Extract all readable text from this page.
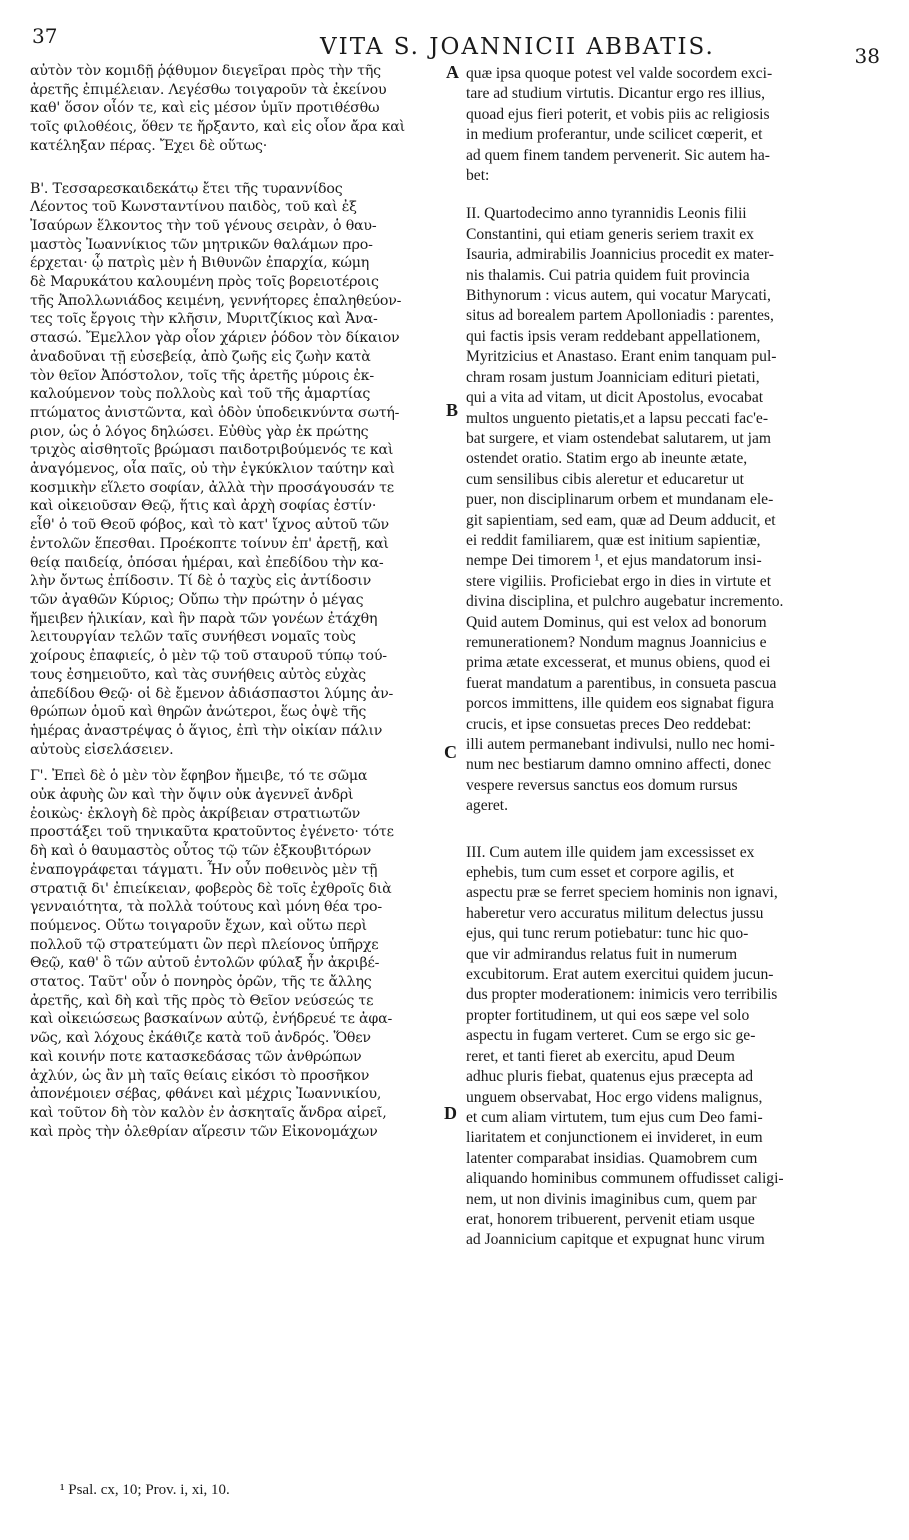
37	VITA S. JOANNICII ABBATIS.	38
αὐτὸν τὸν κομιδῇ ῥᾴθυμον διεγεῖραι πρὸς τὴν τῆς
ἀρετῆς ἐπιμέλειαν. Λεγέσθω τοιγαροῦν τὰ ἐκείνου
καθ' ὅσον οἷόν τε, καὶ εἰς μέσον ὑμῖν προτιθέσθω
τοῖς φιλοθέοις, ὅθεν τε ἤρξαντο, καὶ εἰς οἷον ἄρα καὶ
κατέληξαν πέρας. Ἔχει δὲ οὕτως·
Β'. Τεσσαρεσκαιδεκάτῳ ἔτει τῆς τυραννίδος
Λέοντος τοῦ Κωνσταντίνου παιδὸς, τοῦ καὶ ἐξ
Ἰσαύρων ἕλκοντος τὴν τοῦ γένους σειρὰν, ὁ θαυ-
μαστὸς Ἰωαννίκιος τῶν μητρικῶν θαλάμων προ-
έρχεται· ᾧ πατρὶς μὲν ἡ Βιθυνῶν ἐπαρχία, κώμη
δὲ Μαρυκάτου καλουμένη πρὸς τοῖς βορειοτέροις
τῆς Ἀπολλωνιάδος κειμένη, γεννήτορες ἐπαληθεύον-
τες τοῖς ἔργοις τὴν κλῆσιν, Μυριτζίκιος καὶ Ἀνα-
στασώ. Ἔμελλον γὰρ οἷον χάριεν ῥόδον τὸν δίκαιον
ἀναδοῦναι τῇ εὐσεβείᾳ, ἀπὸ ζωῆς εἰς ζωὴν κατὰ
τὸν θεῖον Ἀπόστολον, τοῖς τῆς ἀρετῆς μύροις ἐκ-
καλούμενον τοὺς πολλοὺς καὶ τοῦ τῆς ἁμαρτίας
πτώματος ἀνιστῶντα, καὶ ὁδὸν ὑποδεικνύντα σωτή-
ριον, ὡς ὁ λόγος δηλώσει. Εὐθὺς γὰρ ἐκ πρώτης
τριχὸς αἰσθητοῖς βρώμασι παιδοτριβούμενός τε καὶ
ἀναγόμενος, οἷα παῖς, οὐ τὴν ἐγκύκλιον ταύτην καὶ
κοσμικὴν εἵλετο σοφίαν, ἀλλὰ τὴν προσάγουσάν τε
καὶ οἰκειοῦσαν Θεῷ, ἥτις καὶ ἀρχὴ σοφίας ἐστίν·
εἶθ' ὁ τοῦ Θεοῦ φόβος, καὶ τὸ κατ' ἴχνος αὐτοῦ τῶν
ἐντολῶν ἕπεσθαι. Προέκοπτε τοίνυν ἐπ' ἀρετῇ, καὶ
θείᾳ παιδείᾳ, ὁπόσαι ἡμέραι, καὶ ἐπεδίδου τὴν κα-
λὴν ὄντως ἐπίδοσιν. Τί δὲ ὁ ταχὺς εἰς ἀντίδοσιν
τῶν ἀγαθῶν Κύριος; Οὔπω τὴν πρώτην ὁ μέγας
ἤμειβεν ἡλικίαν, καὶ ἣν παρὰ τῶν γονέων ἐτάχθη
λειτουργίαν τελῶν ταῖς συνήθεσι νομαῖς τοὺς
χοίρους ἐπαφιείς, ὁ μὲν τῷ τοῦ σταυροῦ τύπῳ τού-
τους ἐσημειοῦτο, καὶ τὰς συνήθεις αὐτὸς εὐχὰς
ἀπεδίδου Θεῷ· οἱ δὲ ἔμενον ἀδιάσπαστοι λύμης ἀν-
θρώπων ὁμοῦ καὶ θηρῶν ἀνώτεροι, ἕως ὀψὲ τῆς
ἡμέρας ἀναστρέψας ὁ ἅγιος, ἐπὶ τὴν οἰκίαν πάλιν
αὐτοὺς εἰσελάσειεν.
Γ'. Ἐπεὶ δὲ ὁ μὲν τὸν ἔφηβον ἤμειβε, τό τε σῶμα
οὐκ ἀφυὴς ὢν καὶ τὴν ὄψιν οὐκ ἀγεννεῖ ἀνδρὶ
ἐοικὼς· ἐκλογὴ δὲ πρὸς ἀκρίβειαν στρατιωτῶν
προστάξει τοῦ τηνικαῦτα κρατοῦντος ἐγένετο· τότε
δὴ καὶ ὁ θαυμαστὸς οὗτος τῷ τῶν ἐξκουβιτόρων
ἐναπογράφεται τάγματι. Ἦν οὖν ποθεινὸς μὲν τῇ
στρατιᾷ δι' ἐπιείκειαν, φοβερὸς δὲ τοῖς ἐχθροῖς διὰ
γενναιότητα, τὰ πολλὰ τούτους καὶ μόνη θέα τρο-
πούμενος. Οὕτω τοιγαροῦν ἔχων, καὶ οὕτω περὶ
πολλοῦ τῷ στρατεύματι ὢν περὶ πλείονος ὑπῆρχε
Θεῷ, καθ' ὃ τῶν αὐτοῦ ἐντολῶν φύλαξ ἦν ἀκριβέ-
στατος. Ταῦτ' οὖν ὁ πονηρὸς ὁρῶν, τῆς τε ἄλλης
ἀρετῆς, καὶ δὴ καὶ τῆς πρὸς τὸ Θεῖον νεύσεώς τε
καὶ οἰκειώσεως βασκαίνων αὐτῷ, ἐνήδρευέ τε ἀφα-
νῶς, καὶ λόχους ἐκάθιζε κατὰ τοῦ ἀνδρός. Ὅθεν
καὶ κοινήν ποτε κατασκεδάσας τῶν ἀνθρώπων
ἀχλύν, ὡς ἂν μὴ ταῖς θείαις εἰκόσι τὸ προσῆκον
ἀπονέμοιεν σέβας, φθάνει καὶ μέχρις Ἰωαννικίου,
καὶ τοῦτον δὴ τὸν καλὸν ἐν ἀσκηταῖς ἄνδρα αἱρεῖ,
καὶ πρὸς τὴν ὀλεθρίαν αἵρεσιν τῶν Εἰκονομάχων
quæ ipsa quoque potest vel valde socordem exci-
tare ad studium virtutis. Dicantur ergo res illius,
quoad ejus fieri poterit, et vobis piis ac religiosis
in medium proferantur, unde scilicet cœperit, et
ad quem finem tandem pervenerit. Sic autem ha-
bet:
II. Quartodecimo anno tyrannidis Leonis filii
Constantini, qui etiam generis seriem traxit ex
Isauria, admirabilis Joannicius procedit ex mater-
nis thalamis. Cui patria quidem fuit provincia
Bithynorum : vicus autem, qui vocatur Marycati,
situs ad borealem partem Apolloniadis : parentes,
qui factis ipsis veram reddebant appellationem,
Myritzicius et Anastaso. Erant enim tanquam pul-
chram rosam justum Joanniciam edituri pietati,
qui a vita ad vitam, ut dicit Apostolus, evocabat
multos unguento pietatis,et a lapsu peccati fac'e-
bat surgere, et viam ostendebat salutarem, ut jam
ostendet oratio. Statim ergo ab ineunte ætate,
cum sensilibus cibis aleretur et educaretur ut
puer, non disciplinarum orbem et mundanam ele-
git sapientiam, sed eam, quæ ad Deum adducit, et
ei reddit familiarem, quæ est initium sapientiæ,
nempe Dei timorem ¹, et ejus mandatorum insi-
stere vigiliis. Proficiebat ergo in dies in virtute et
divina disciplina, et pulchro augebatur incremento.
Quid autem Dominus, qui est velox ad bonorum
remunerationem? Nondum magnus Joannicius e
prima ætate excesserat, et munus obiens, quod ei
fuerat mandatum a parentibus, in consueta pascua
porcos immittens, ille quidem eos signabat figura
crucis, et ipse consuetas preces Deo reddebat:
illi autem permanebant indivulsi, nullo nec homi-
num nec bestiarum damno omnino affecti, donec
vespere reversus sanctus eos domum rursus
ageret.
III. Cum autem ille quidem jam excessisset ex
ephebis, tum cum esset et corpore agilis, et
aspectu præ se ferret speciem hominis non ignavi,
haberetur vero accuratus militum delectus jussu
ejus, qui tunc rerum potiebatur: tunc hic quo-
que vir admirandus relatus fuit in numerum
excubitorum. Erat autem exercitui quidem jucun-
dus propter moderationem: inimicis vero terribilis
propter fortitudinem, ut qui eos sæpe vel solo
aspectu in fugam verteret. Cum se ergo sic ge-
reret, et tanti fieret ab exercitu, apud Deum
adhuc pluris fiebat, quatenus ejus præcepta ad
unguem observabat, Hoc ergo videns malignus,
et cum aliam virtutem, tum ejus cum Deo fami-
liaritatem et conjunctionem ei invideret, in eum
latenter comparabat insidias. Quamobrem cum
aliquando hominibus communem offudisset caligi-
nem, ut non divinis imaginibus cum, quem par
erat, honorem tribuerent, pervenit etiam usque
ad Joannicium capitque et expugnat hunc virum
A
B
C
D
¹ Psal. cx, 10; Prov. i, xi, 10.
